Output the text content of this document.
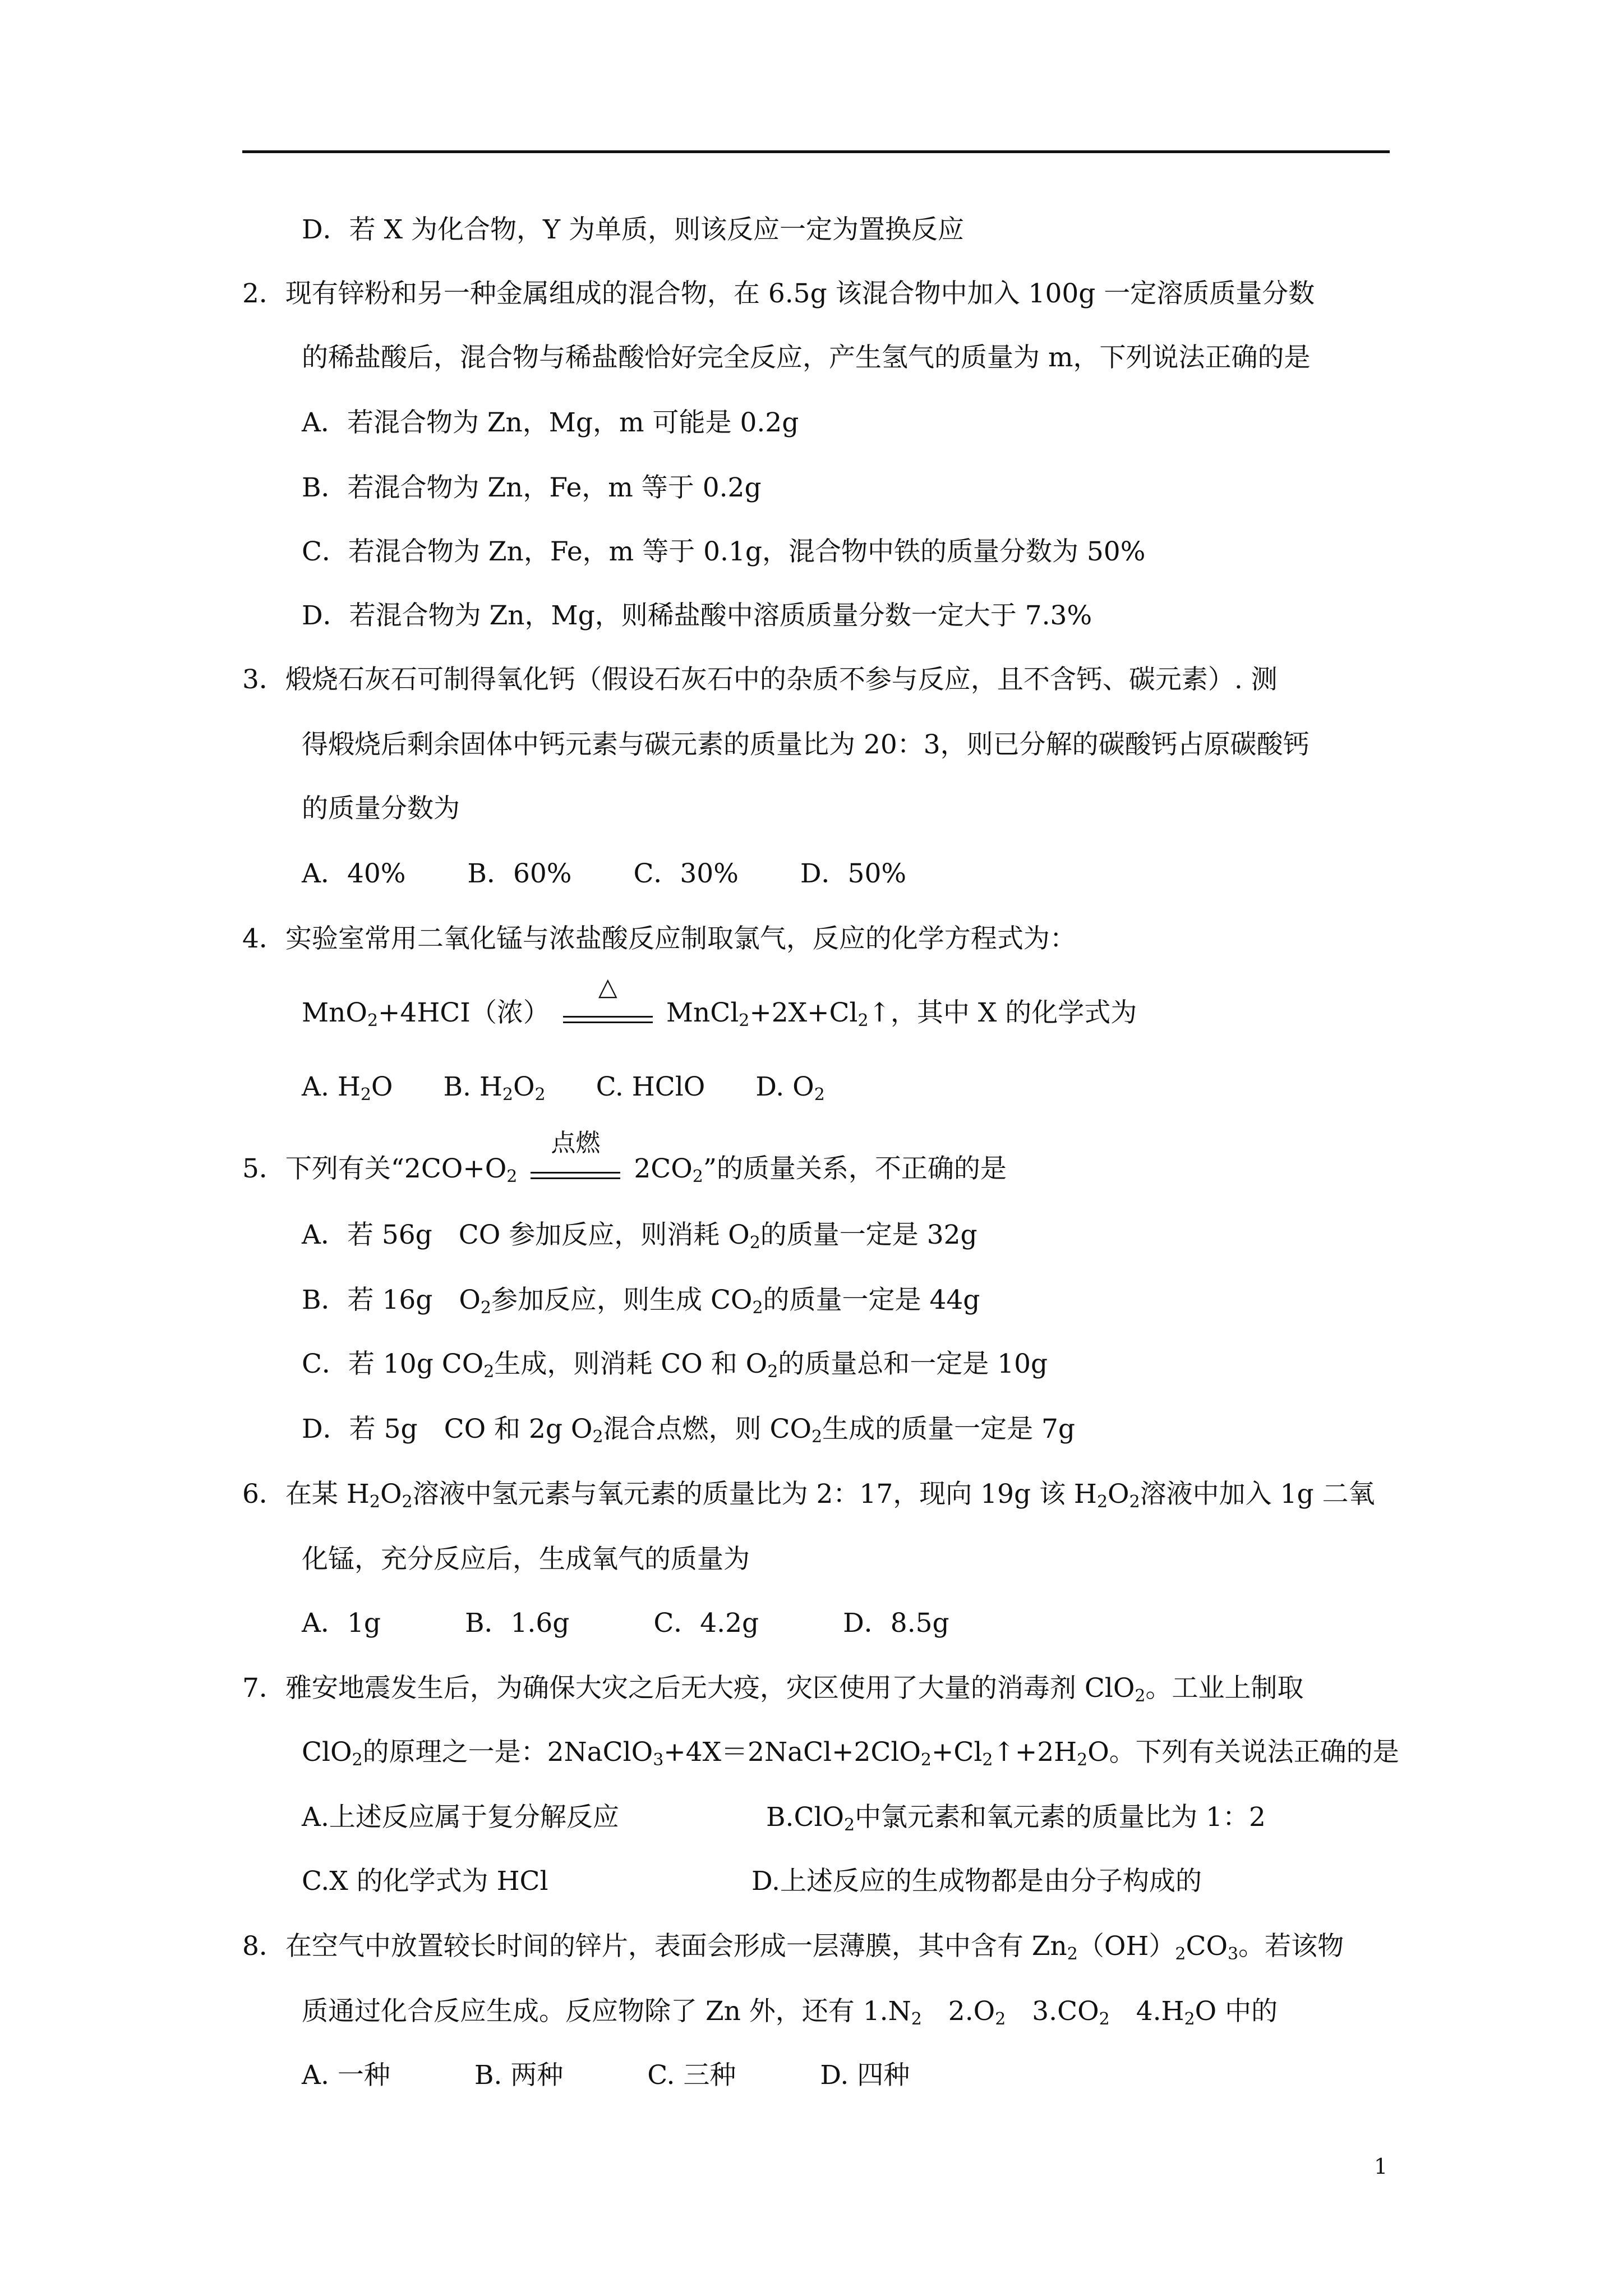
D．若 X 为化合物，Y 为单质，则该反应一定为置换反应
2．现有锌粉和另一种金属组成的混合物，在 6.5g 该混合物中加入 100g 一定溶质质量分数
的稀盐酸后，混合物与稀盐酸恰好完全反应，产生氢气的质量为 m，下列说法正确的是
A．若混合物为 Zn，Mg，m 可能是 0.2g
B．若混合物为 Zn，Fe，m 等于 0.2g
C．若混合物为 Zn，Fe，m 等于 0.1g，混合物中铁的质量分数为 50%
D．若混合物为 Zn，Mg，则稀盐酸中溶质质量分数一定大于 7.3%
3．煅烧石灰石可制得氧化钙（假设石灰石中的杂质不参与反应，且不含钙、碳元素）. 测
得煅烧后剩余固体中钙元素与碳元素的质量比为 20：3，则已分解的碳酸钙占原碳酸钙
的质量分数为
A．40% B．60% C．30% D．50%
4．实验室常用二氧化锰与浓盐酸反应制取氯气，反应的化学方程式为：
MnO$_2$+4HCI（浓）
△
$MnCl_2+2X+Cl_2↑$，其中 X 的化学式为
A. $H_2O$ B. $H_2O_2$ C. HClO D. $O_2$
5．下列有关“$2CO+O_2$
点燃
$2CO_2$”的质量关系，不正确的是
A．若 56g　CO 参加反应，则消耗 $O_2$的质量一定是 32g
B．若 16g　$O_2$参加反应，则生成 $CO_2$的质量一定是 44g
C．若 10g $CO_2$生成，则消耗 CO 和 $O_2$的质量总和一定是 10g
D．若 5g　CO 和 2g $O_2$混合点燃，则 $CO_2$生成的质量一定是 7g
6．在某 $H_2O_2$溶液中氢元素与氧元素的质量比为 2：17，现向 19g 该 $H_2O_2$溶液中加入 1g 二氧
化锰，充分反应后，生成氧气的质量为
A．1g	B．1.6g	C．4.2g	D．8.5g
7．雅安地震发生后，为确保大灾之后无大疫，灾区使用了大量的消毒剂 ClO$_2$。工业上制取
ClO$_2$的原理之一是：$2NaClO_3+4X=2NaCl+2ClO_2+Cl_2↑+2H_2O$。下列有关说法正确的是
A.上述反应属于复分解反应	B.ClO$_2$中氯元素和氧元素的质量比为 1：2
C.X 的化学式为 HCl	D.上述反应的生成物都是由分子构成的
8．在空气中放置较长时间的锌片，表面会形成一层薄膜，其中含有 $Zn_2(OH)_2CO_3$。若该物
质通过化合反应生成。反应物除了 Zn 外，还有 $1.N_2$　$2.O_2$　$3.CO_2$　$4.H_2O$ 中的
A. 一种	B. 两种	C. 三种	D. 四种
1
